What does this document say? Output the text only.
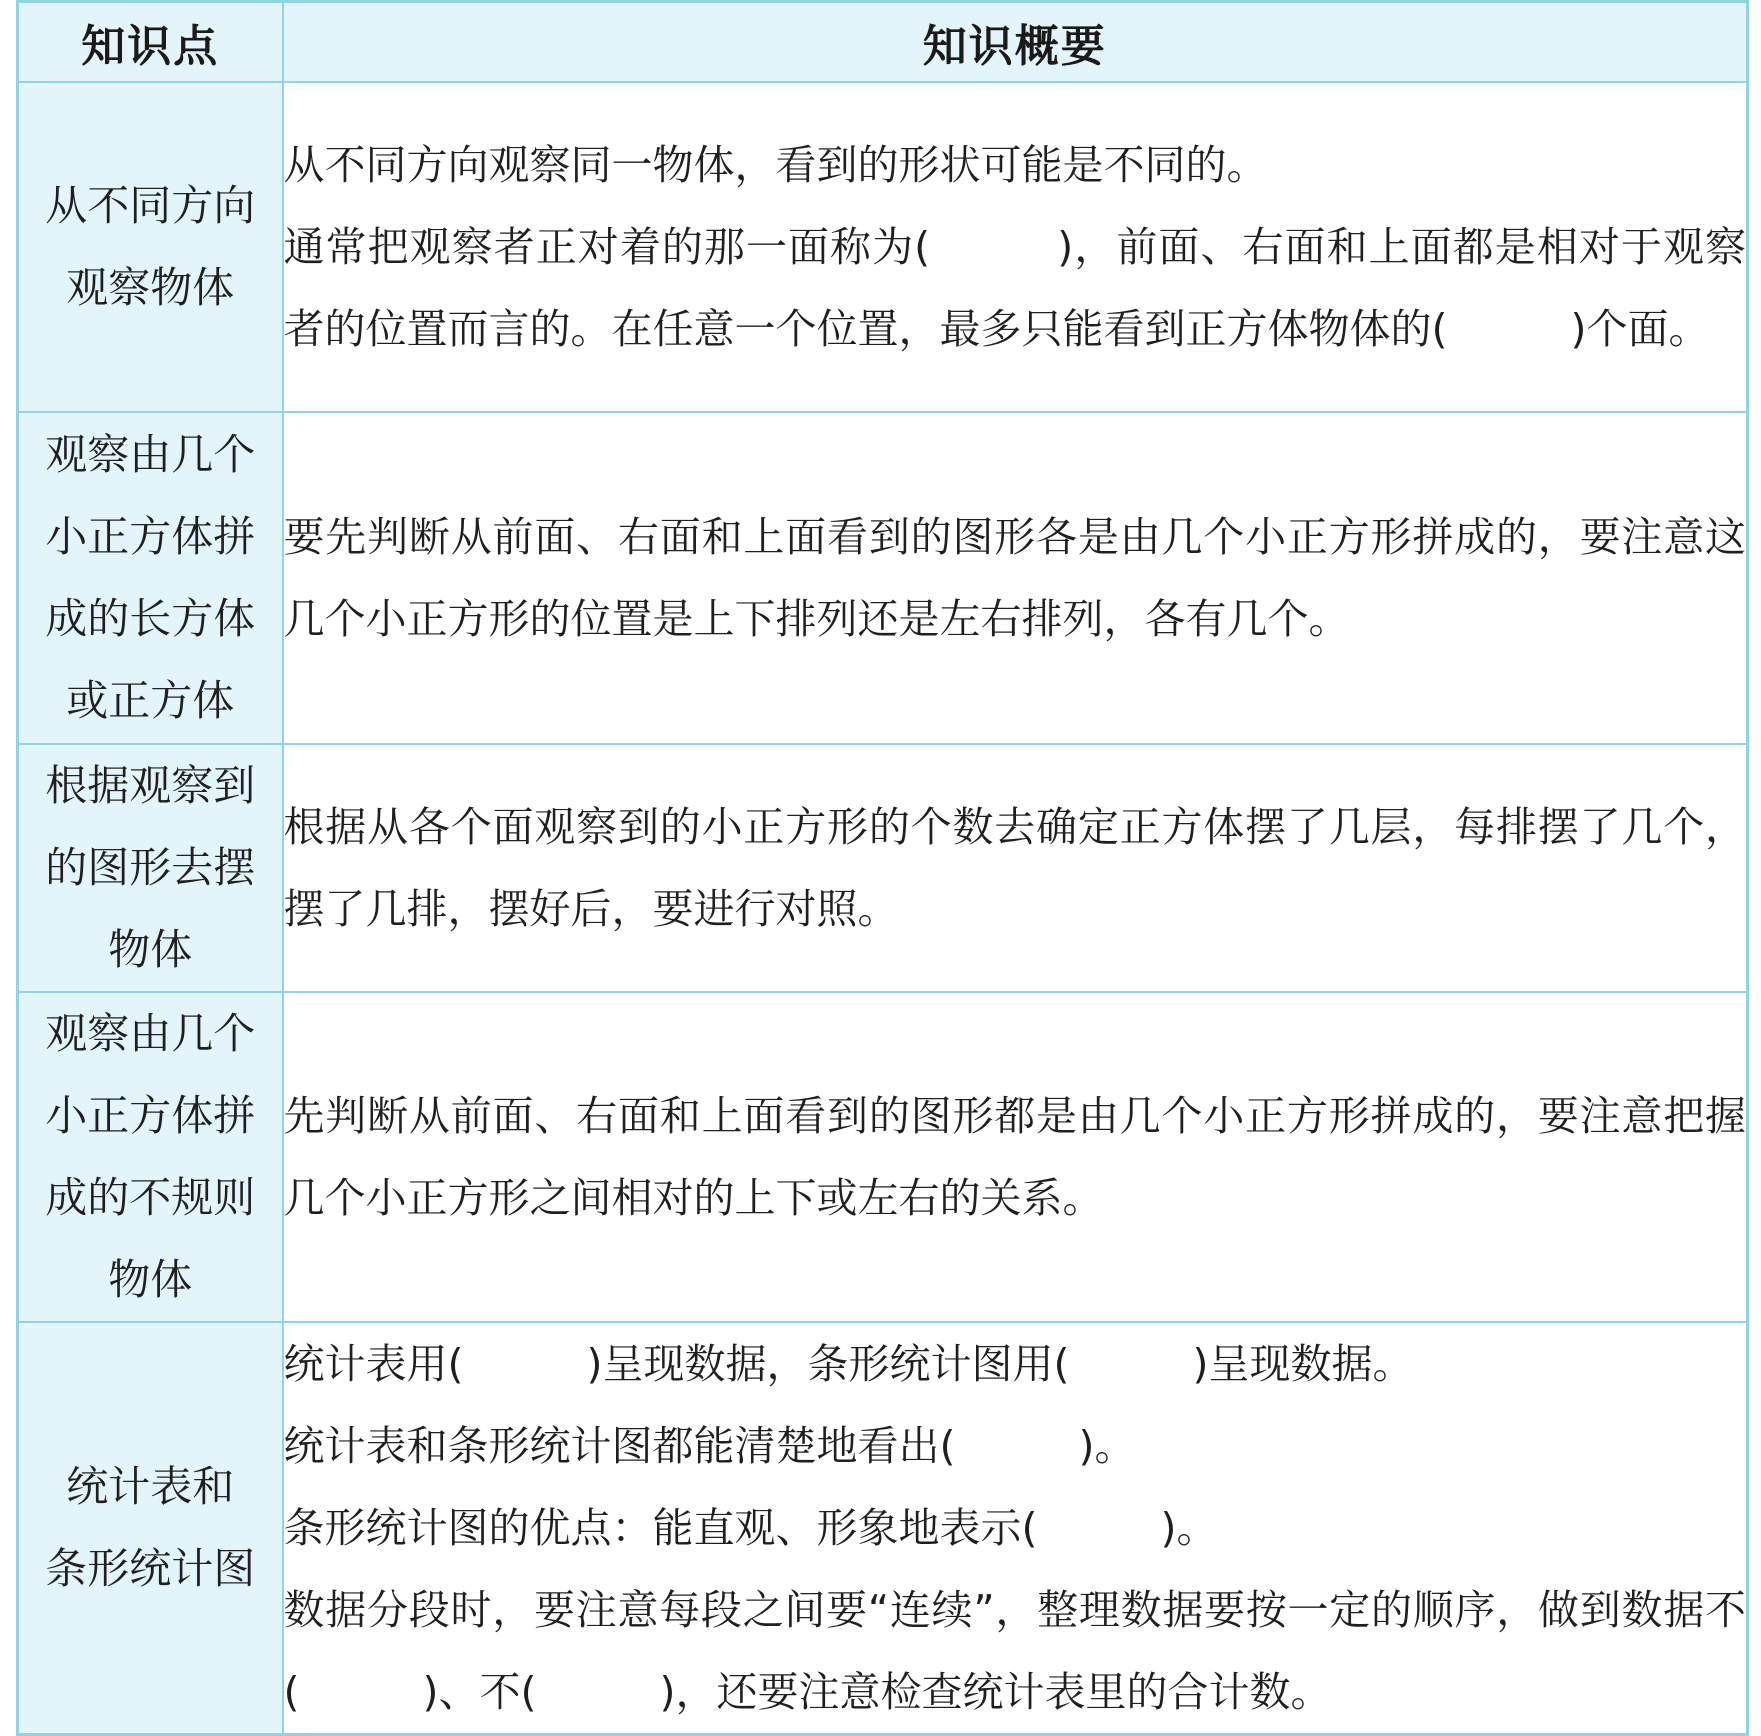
知识点	知识概要

从不同方向
观察物体	从不同方向观察同一物体，看到的形状可能是不同的。
通常把观察者正对着的那一面称为(　　　)，前面、右面和上面都是相对于观察者的位置而言的。在任意一个位置，最多只能看到正方体物体的(　　　)个面。

观察由几个
小正方体拼
成的长方体
或正方体	要先判断从前面、右面和上面看到的图形各是由几个小正方形拼成的，要注意这几个小正方形的位置是上下排列还是左右排列，各有几个。

根据观察到
的图形去摆
物体	根据从各个面观察到的小正方形的个数去确定正方体摆了几层，每排摆了几个，摆了几排，摆好后，要进行对照。

观察由几个
小正方体拼
成的不规则
物体	先判断从前面、右面和上面看到的图形都是由几个小正方形拼成的，要注意把握几个小正方形之间相对的上下或左右的关系。

统计表和
条形统计图	统计表用(　　　)呈现数据，条形统计图用(　　　)呈现数据。
统计表和条形统计图都能清楚地看出(　　　)。
条形统计图的优点：能直观、形象地表示(　　　)。
数据分段时，要注意每段之间要“连续”，整理数据要按一定的顺序，做到数据不(　　　)、不(　　　)，还要注意检查统计表里的合计数。
